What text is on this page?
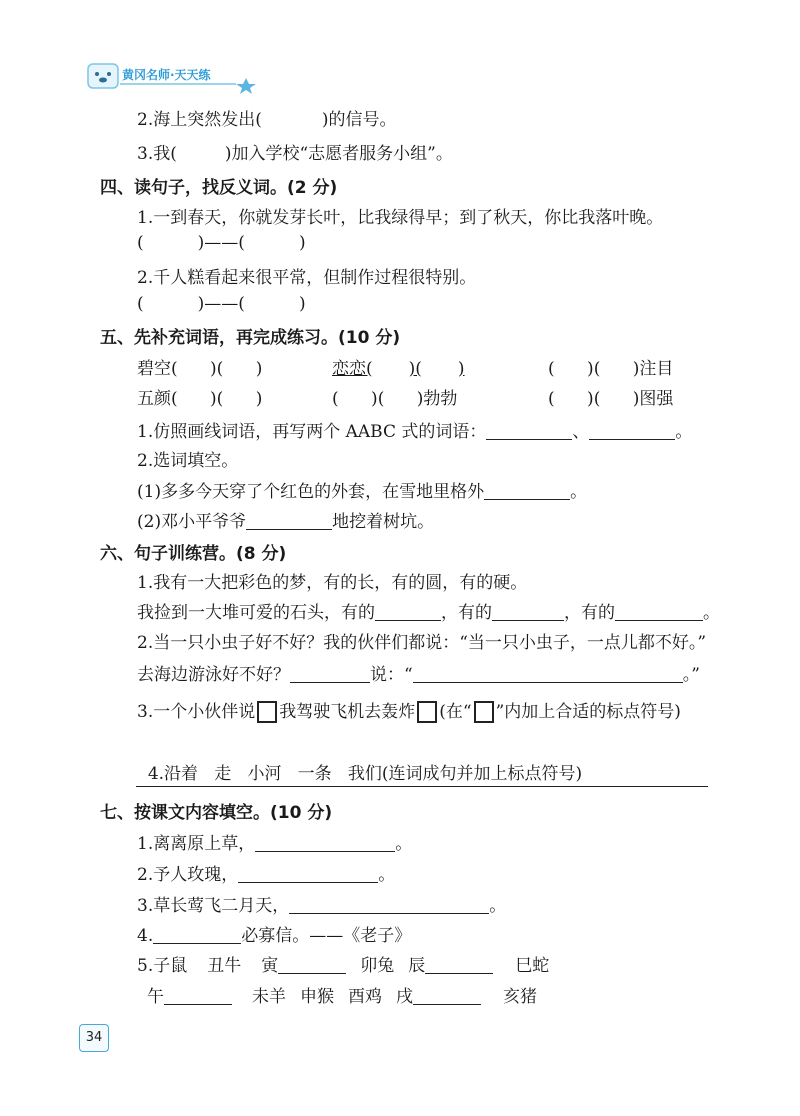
黄冈名师·天天练
2.海上突然发出(	)的信号。
3.我(	)加入学校“志愿者服务小组”。
四、读句子，找反义词。(2 分)
1.一到春天，你就发芽长叶，比我绿得早；到了秋天，你比我落叶晚。
(          )——(          )
2.千人糕看起来很平常，但制作过程很特别。
(          )——(          )
五、先补充词语，再完成练习。(10 分)
碧空(      )(      )	恋恋( )( )	(      )(      )注目
五颜(      )(      )	(      )(      )勃勃	(      )(      )图强
1.仿照画线词语，再写两个 AABC 式的词语：	、	。
2.选词填空。
(1)多多今天穿了个红色的外套，在雪地里格外	。
(2)邓小平爷爷	地挖着树坑。
六、句子训练营。(8 分)
1.我有一大把彩色的梦，有的长，有的圆，有的硬。
我捡到一大堆可爱的石头，有的	，有的	，有的	。
2.当一只小虫子好不好？我的伙伴们都说：“当一只小虫子，一点儿都不好。”
去海边游泳好不好？	说：“	。”
3.一个小伙伴说 我驾驶飞机去轰炸 (在“ ”内加上合适的标点符号)

4.沿着   走   小河   一条   我们(连词成句并加上标点符号)

七、按课文内容填空。(10 分)
1.离离原上草，	。
2.予人玫瑰，	。
3.草长莺飞二月天，	。
4.	必寡信。——《老子》
5.子鼠 丑牛 寅	卯兔 辰	巳蛇
午	未羊 申猴 酉鸡 戌	亥猪
34
